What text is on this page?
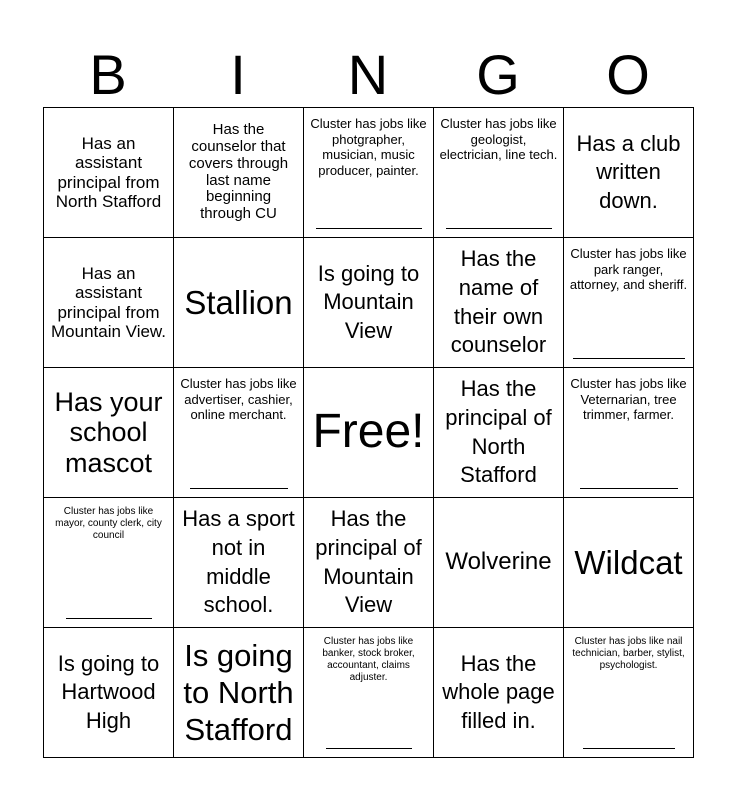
B	I	N	G	O
Has an assistant principal from North Stafford	Has the counselor that covers through last name beginning through CU	Cluster has jobs like photgrapher, musician, music producer, painter.	Cluster has jobs like geologist, electrician, line tech.	Has a club written down.

Has an assistant principal from Mountain View.	Stallion	Is going to Mountain View	Has the name of their own counselor	Cluster has jobs like park ranger, attorney, and sheriff.

Has your school mascot	Cluster has jobs like advertiser, cashier, online merchant.	Free!	Has the principal of North Stafford	Cluster has jobs like Veternarian, tree trimmer, farmer.

Cluster has jobs like mayor, county clerk, city council	Has a sport not in middle school.	Has the principal of Mountain View	Wolverine	Wildcat

Is going to Hartwood High	Is going to North Stafford	Cluster has jobs like banker, stock broker, accountant, claims adjuster.	Has the whole page filled in.	Cluster has jobs like nail technician, barber, stylist, psychologist.
